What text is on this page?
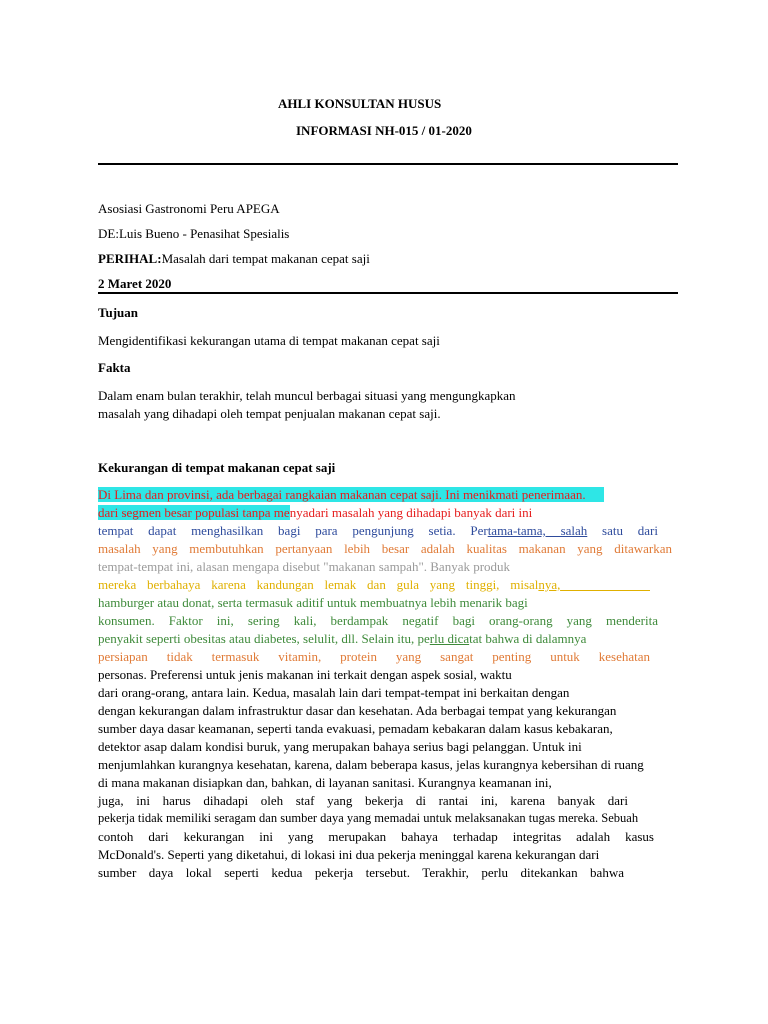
AHLI KONSULTAN HUSUS
INFORMASI NH-015 / 01-2020
Asosiasi Gastronomi Peru APEGA
DE:Luis Bueno - Penasihat Spesialis
PERIHAL:Masalah dari tempat makanan cepat saji
2 Maret 2020
Tujuan
Mengidentifikasi kekurangan utama di tempat makanan cepat saji
Fakta
Dalam enam bulan terakhir, telah muncul berbagai situasi yang mengungkapkan
masalah yang dihadapi oleh tempat penjualan makanan cepat saji.
Kekurangan di tempat makanan cepat saji
Di Lima dan provinsi, ada berbagai rangkaian makanan cepat saji. Ini menikmati penerimaan.
dari segmen besar populasi tanpa menyadari masalah yang dihadapi banyak dari ini
tempat dapat menghasilkan bagi para pengunjung setia. Pertama-tama, salah satu dari
masalah yang membutuhkan pertanyaan lebih besar adalah kualitas makanan yang ditawarkan
tempat-tempat ini, alasan mengapa disebut "makanan sampah". Banyak produk
mereka berbahaya karena kandungan lemak dan gula yang tinggi, misalnya,
hamburger atau donat, serta termasuk aditif untuk membuatnya lebih menarik bagi
konsumen. Faktor ini, sering kali, berdampak negatif bagi orang-orang yang menderita
penyakit seperti obesitas atau diabetes, selulit, dll. Selain itu, perlu dicatat bahwa di dalamnya
persiapan tidak termasuk vitamin, protein yang sangat penting untuk kesehatan
personas. Preferensi untuk jenis makanan ini terkait dengan aspek sosial, waktu
dari orang-orang, antara lain. Kedua, masalah lain dari tempat-tempat ini berkaitan dengan
dengan kekurangan dalam infrastruktur dasar dan kesehatan. Ada berbagai tempat yang kekurangan
sumber daya dasar keamanan, seperti tanda evakuasi, pemadam kebakaran dalam kasus kebakaran,
detektor asap dalam kondisi buruk, yang merupakan bahaya serius bagi pelanggan. Untuk ini
menjumlahkan kurangnya kesehatan, karena, dalam beberapa kasus, jelas kurangnya kebersihan di ruang
di mana makanan disiapkan dan, bahkan, di layanan sanitasi. Kurangnya keamanan ini,
juga, ini harus dihadapi oleh staf yang bekerja di rantai ini, karena banyak dari
pekerja tidak memiliki seragam dan sumber daya yang memadai untuk melaksanakan tugas mereka. Sebuah
contoh dari kekurangan ini yang merupakan bahaya terhadap integritas adalah kasus
McDonald's. Seperti yang diketahui, di lokasi ini dua pekerja meninggal karena kekurangan dari
sumber daya lokal seperti kedua pekerja tersebut. Terakhir, perlu ditekankan bahwa
